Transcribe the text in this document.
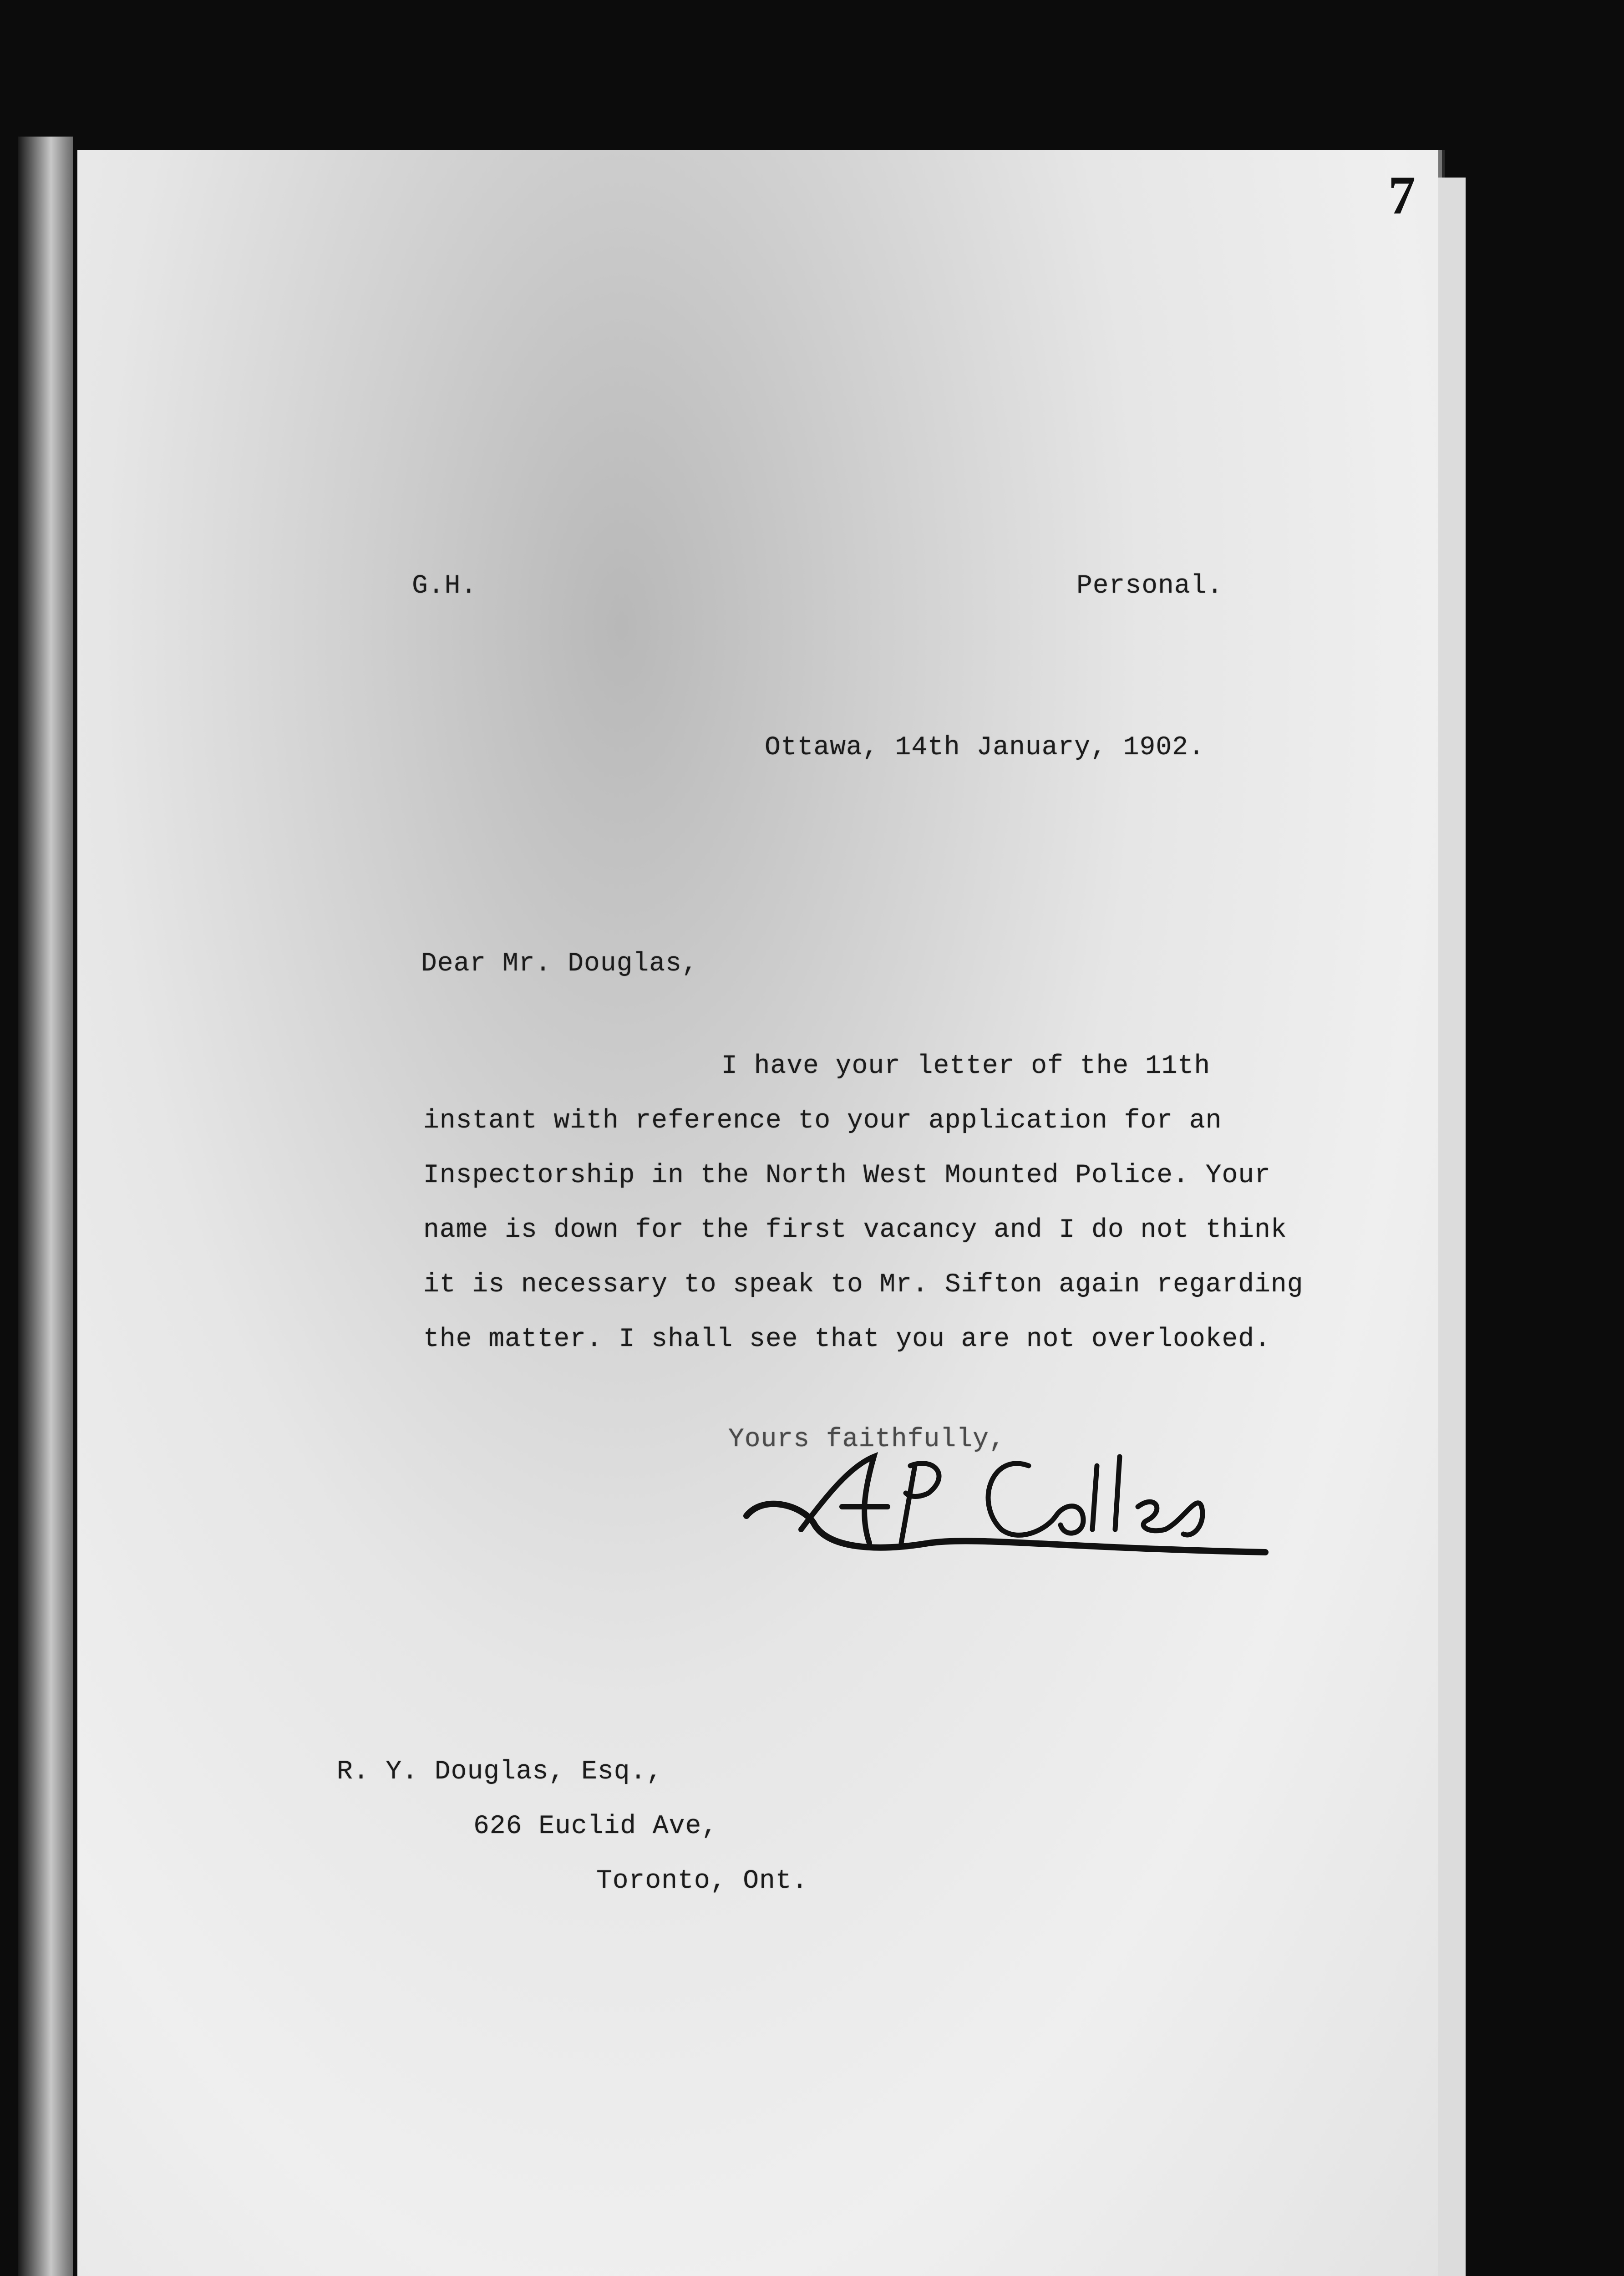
7
G.H.	Personal.
Ottawa, 14th January, 1902.
Dear Mr. Douglas,
I have your letter of the 11th
instant with reference to your application for an
Inspectorship in the North West Mounted Police. Your
name is down for the first vacancy and I do not think
it is necessary to speak to Mr. Sifton again regarding
the matter. I shall see that you are not overlooked.
Yours faithfully,
R. Y. Douglas, Esq.,
626 Euclid Ave,
Toronto, Ont.
